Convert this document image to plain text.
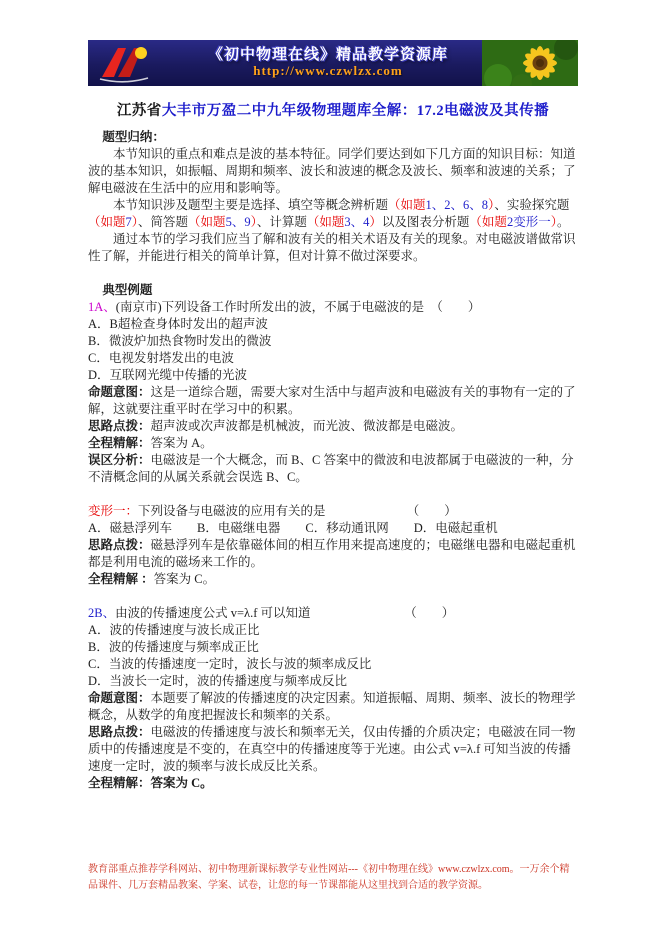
《初中物理在线》精品教学资源库
http://www.czwlzx.com
江苏省大丰市万盈二中九年级物理题库全解：17.2电磁波及其传播
题型归纳：
本节知识的重点和难点是波的基本特征。同学们要达到如下几方面的知识目标：知道波的基本知识，如振幅、周期和频率、波长和波速的概念及波长、频率和波速的关系；了解电磁波在生活中的应用和影响等。
本节知识涉及题型主要是选择、填空等概念辨析题（如题1、2、6、8）、实验探究题（如题7）、简答题（如题5、9）、计算题（如题3、4）以及图表分析题（如题2变形一）。
通过本节的学习我们应当了解和波有关的相关术语及有关的现象。对电磁波谱做常识性了解，并能进行相关的简单计算，但对计算不做过深要求。
典型例题
1A、(南京市)下列设备工作时所发出的波，不属于电磁波的是　（　　）
A．B超检查身体时发出的超声波
B．微波炉加热食物时发出的微波
C．电视发射塔发出的电波
D．互联网光缆中传播的光波
命题意图：这是一道综合题，需要大家对生活中与超声波和电磁波有关的事物有一定的了解，这就要注重平时在学习中的积累。
思路点拨：超声波或次声波都是机械波，而光波、微波都是电磁波。
全程精解：答案为 A。
误区分析：电磁波是一个大概念，而 B、C 答案中的微波和电波都属于电磁波的一种，分不清概念间的从属关系就会误选 B、C。
变形一：下列设备与电磁波的应用有关的是　　　　　　　（　　）
A．磁悬浮列车　　B．电磁继电器　　C．移动通讯网　　D．电磁起重机
思路点拨：磁悬浮列车是依靠磁体间的相互作用来提高速度的；电磁继电器和电磁起重机都是利用电流的磁场来工作的。
全程精解 ：答案为 C。
2B、由波的传播速度公式 v=λ.f 可以知道　　　　　　　　（　　）
A．波的传播速度与波长成正比
B．波的传播速度与频率成正比
C．当波的传播速度一定时，波长与波的频率成反比
D．当波长一定时，波的传播速度与频率成反比
命题意图：本题要了解波的传播速度的决定因素。知道振幅、周期、频率、波长的物理学概念，从数学的角度把握波长和频率的关系。
思路点拨：电磁波的传播速度与波长和频率无关，仅由传播的介质决定；电磁波在同一物质中的传播速度是不变的，在真空中的传播速度等于光速。由公式 v=λ.f 可知当波的传播速度一定时，波的频率与波长成反比关系。
全程精解：答案为 C。
教育部重点推荐学科网站、初中物理新课标教学专业性网站---《初中物理在线》www.czwlzx.com。一万余个精品课件、几万套精品教案、学案、试卷，让您的每一节课都能从这里找到合适的教学资源。
